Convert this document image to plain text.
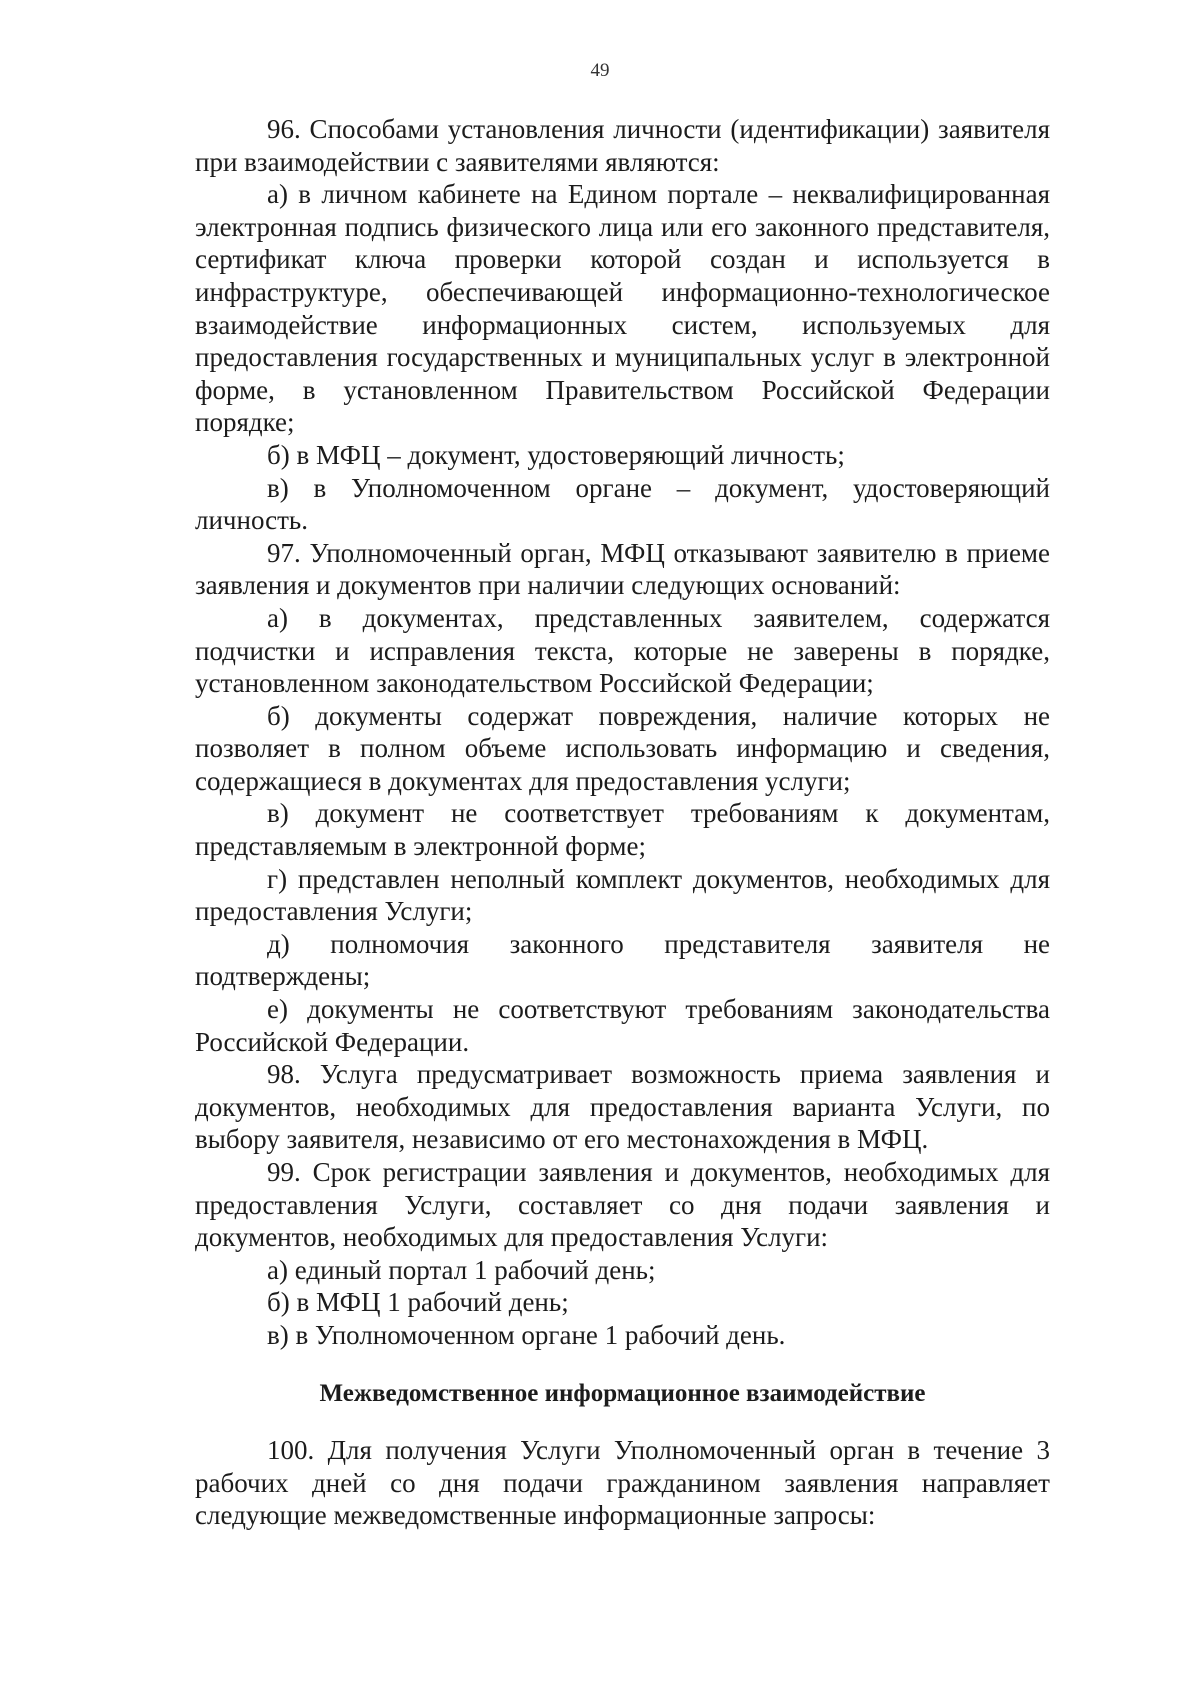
49

96. Способами установления личности (идентификации) заявителя при взаимодействии с заявителями являются:

а) в личном кабинете на Едином портале – неквалифицированная электронная подпись физического лица или его законного представителя, сертификат ключа проверки которой создан и используется в инфраструктуре, обеспечивающей информационно-технологическое взаимодействие информационных систем, используемых для предоставления государственных и муниципальных услуг в электронной форме, в установленном Правительством Российской Федерации порядке;

б) в МФЦ – документ, удостоверяющий личность;

в) в Уполномоченном органе – документ, удостоверяющий личность.

97. Уполномоченный орган, МФЦ отказывают заявителю в приеме заявления и документов при наличии следующих оснований:

а) в документах, представленных заявителем, содержатся подчистки и исправления текста, которые не заверены в порядке, установленном законодательством Российской Федерации;

б) документы содержат повреждения, наличие которых не позволяет в полном объеме использовать информацию и сведения, содержащиеся в документах для предоставления услуги;

в) документ не соответствует требованиям к документам, представляемым в электронной форме;

г) представлен неполный комплект документов, необходимых для предоставления Услуги;

д) полномочия законного представителя заявителя не подтверждены;

е) документы не соответствуют требованиям законодательства Российской Федерации.

98. Услуга предусматривает возможность приема заявления и документов, необходимых для предоставления варианта Услуги, по выбору заявителя, независимо от его местонахождения в МФЦ.

99. Срок регистрации заявления и документов, необходимых для предоставления Услуги, составляет со дня подачи заявления и документов, необходимых для предоставления Услуги:

а) единый портал 1 рабочий день;

б) в МФЦ 1 рабочий день;

в) в Уполномоченном органе 1 рабочий день.

Межведомственное информационное взаимодействие

100. Для получения Услуги Уполномоченный орган в течение 3 рабочих дней со дня подачи гражданином заявления направляет следующие межведомственные информационные запросы:
